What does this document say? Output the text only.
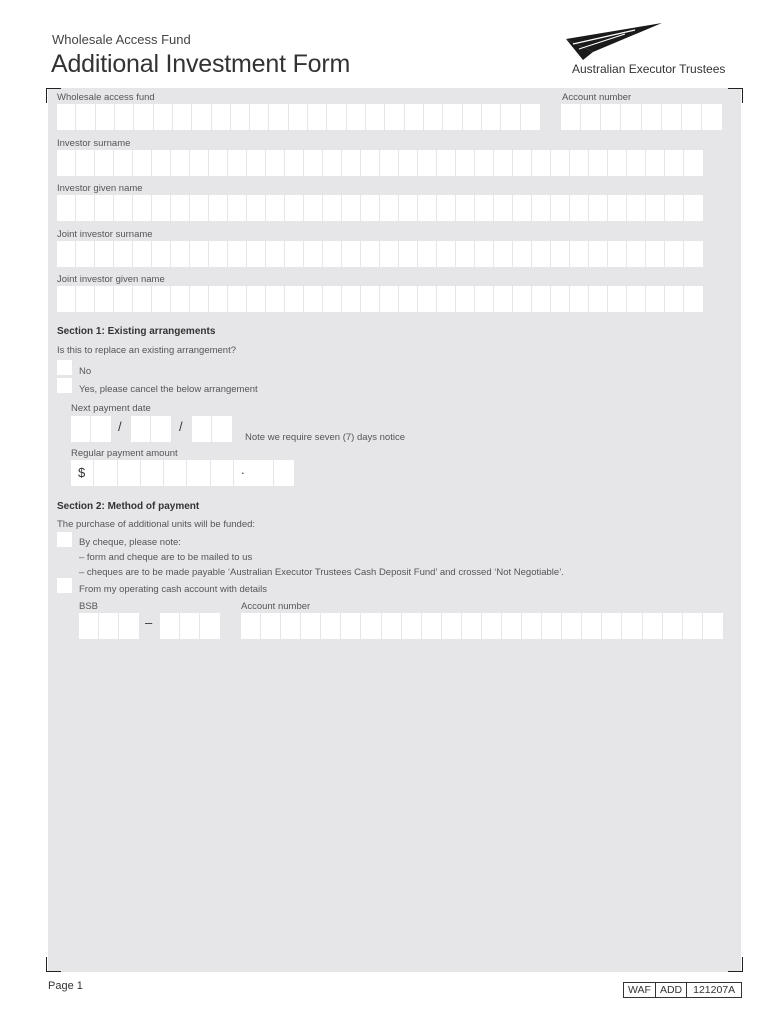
Wholesale Access Fund
Additional Investment Form	Australian Executor Trustees
Wholesale access fund	Account number
Investor surname
Investor given name
Joint investor surname
Joint investor given name
Section 1: Existing arrangements
Is this to replace an existing arrangement?
No
Yes, please cancel the below arrangement
Next payment date
/	/
Note we require seven (7) days notice
Regular payment amount
$	.
Section 2: Method of payment
The purchase of additional units will be funded:
By cheque, please note:
– form and cheque are to be mailed to us
– cheques are to be made payable ‘Australian Executor Trustees Cash Deposit Fund’ and crossed ‘Not Negotiable’.
From my operating cash account with details
BSB	Account number
–
Page 1	WAF ADD	121207A
